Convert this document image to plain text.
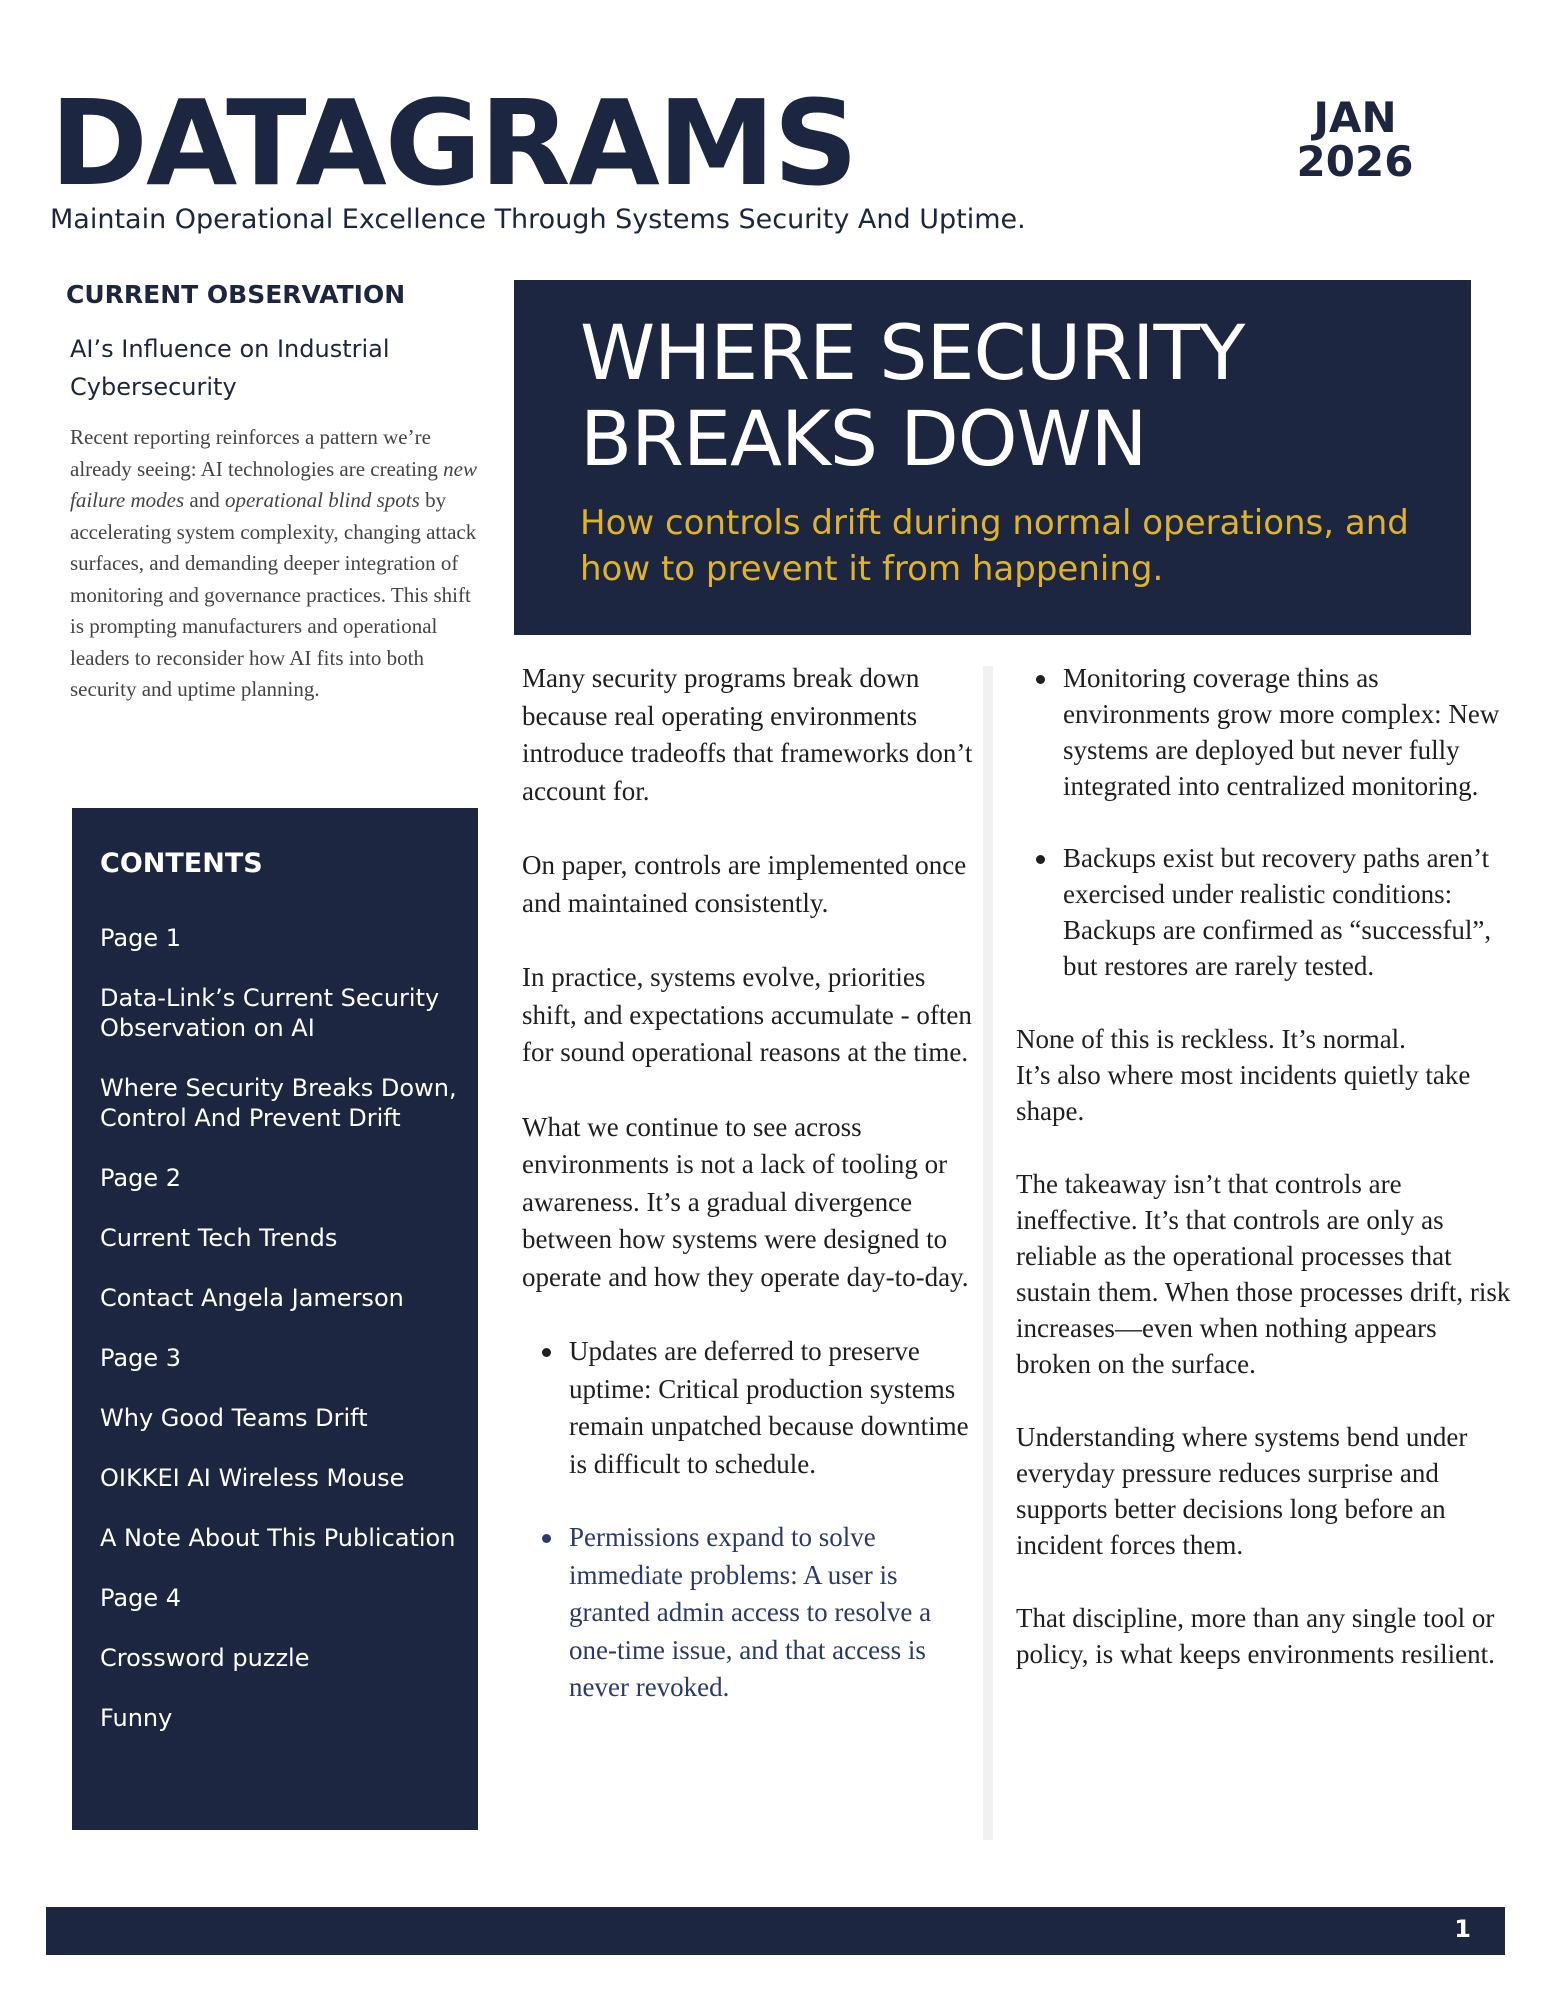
DATAGRAMS	JAN
2026
Maintain Operational Excellence Through Systems Security And Uptime.
CURRENT OBSERVATION
AI’s Influence on Industrial Cybersecurity
Recent reporting reinforces a pattern we’re already seeing: AI technologies are creating new failure modes and operational blind spots by accelerating system complexity, changing attack surfaces, and demanding deeper integration of monitoring and governance practices. This shift is prompting manufacturers and operational leaders to reconsider how AI fits into both security and uptime planning.
CONTENTS
Page 1
Data-Link’s Current Security Observation on AI
Where Security Breaks Down, Control And Prevent Drift
Page 2
Current Tech Trends
Contact Angela Jamerson
Page 3
Why Good Teams Drift
OIKKEI AI Wireless Mouse
A Note About This Publication
Page 4
Crossword puzzle
Funny
WHERE SECURITY BREAKS DOWN
How controls drift during normal operations, and how to prevent it from happening.

Many security programs break down because real operating environments introduce tradeoffs that frameworks don’t account for.

On paper, controls are implemented once and maintained consistently.

In practice, systems evolve, priorities shift, and expectations accumulate - often for sound operational reasons at the time.

What we continue to see across environments is not a lack of tooling or awareness. It’s a gradual divergence between how systems were designed to operate and how they operate day-to-day.

Updates are deferred to preserve uptime: Critical production systems remain unpatched because downtime is difficult to schedule.
Permissions expand to solve immediate problems: A user is granted admin access to resolve a one-time issue, and that access is never revoked.
Monitoring coverage thins as environments grow more complex: New systems are deployed but never fully integrated into centralized monitoring.
Backups exist but recovery paths aren’t exercised under realistic conditions: Backups are confirmed as “successful”, but restores are rarely tested.

None of this is reckless. It’s normal.
It’s also where most incidents quietly take shape.

The takeaway isn’t that controls are ineffective. It’s that controls are only as reliable as the operational processes that sustain them. When those processes drift, risk increases—even when nothing appears broken on the surface.

Understanding where systems bend under everyday pressure reduces surprise and supports better decisions long before an incident forces them.

That discipline, more than any single tool or policy, is what keeps environments resilient.

1
